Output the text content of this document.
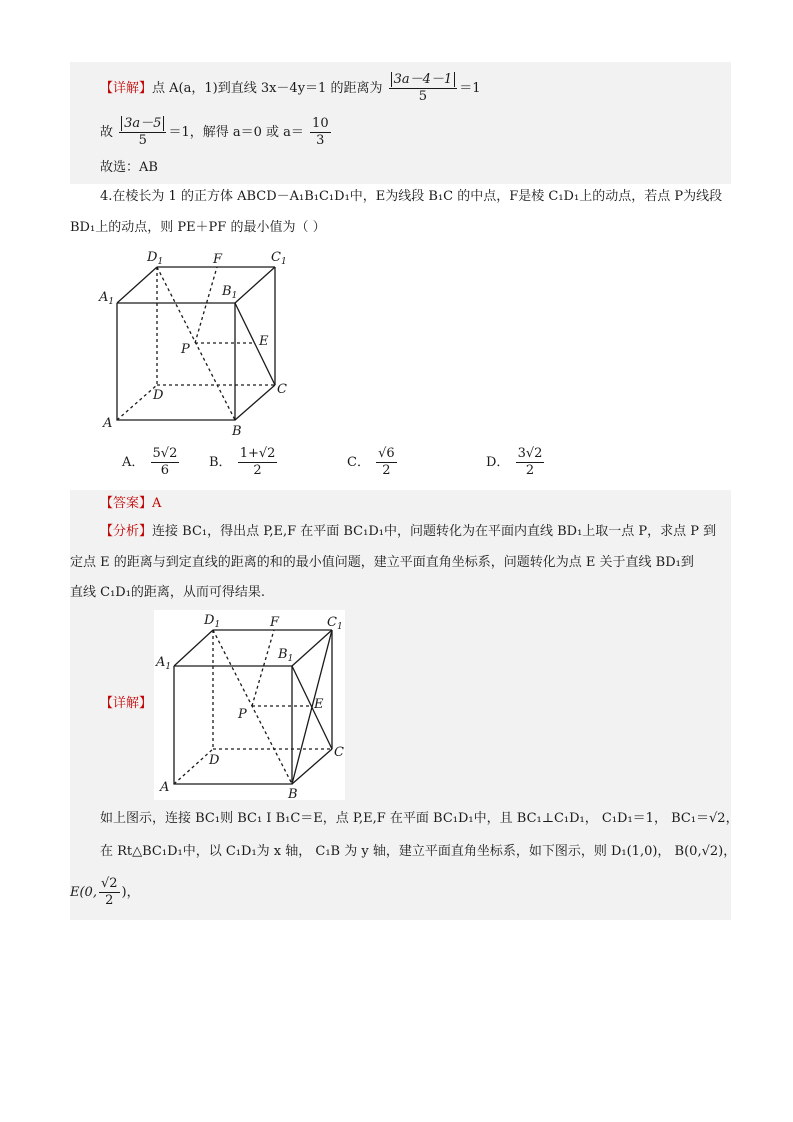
【详解】点 A(a，1)到直线 3x－4y＝1 的距离为 $\frac{3a-4-1}{5} =1$
故 $\frac{3a-5}{5} =1$，解得 a＝0 或 $a= \frac{10}{3}$
故选：AB
4.在棱长为 1 的正方体 ABCD－A₁B₁C₁D₁中，E为线段 B₁C 的中点，F是棱 C₁D₁上的动点，若点 P为线段
BD₁上的动点，则 PE＋PF 的最小值为（ ）
$D_1$	F	$C_1$
$A_1$
$B_1$
P
E
D	C
A
B
A． $\frac{5√2}{6}$ B． $\frac{1+√2}{2}$	C． $\frac{√6}{2}$	D． $\frac{3√2}{2}$
【答案】A
【分析】连接 BC₁，得出点 P,E,F 在平面 BC₁D₁中，问题转化为在平面内直线 BD₁上取一点 P，求点 P 到
定点 E 的距离与到定直线的距离的和的最小值问题，建立平面直角坐标系，问题转化为点 E 关于直线 BD₁到
直线 C₁D₁的距离，从而可得结果.
【详解】
$D_1$	F	$C_1$
$A_1$
$B_1$
P
E
D
C
A	B
如上图示，连接 BC₁则 BC₁ I B₁C＝E，点 P,E,F 在平面 BC₁D₁中，且 BC₁⊥C₁D₁， C₁D₁＝1， BC₁＝√2，
在 Rt△BC₁D₁中，以 C₁D₁为 x 轴， C₁B 为 y 轴，建立平面直角坐标系，如下图示，则 D₁(1,0)， B(0,√2)，
E(0, $\frac{√2}{2}$ )，
